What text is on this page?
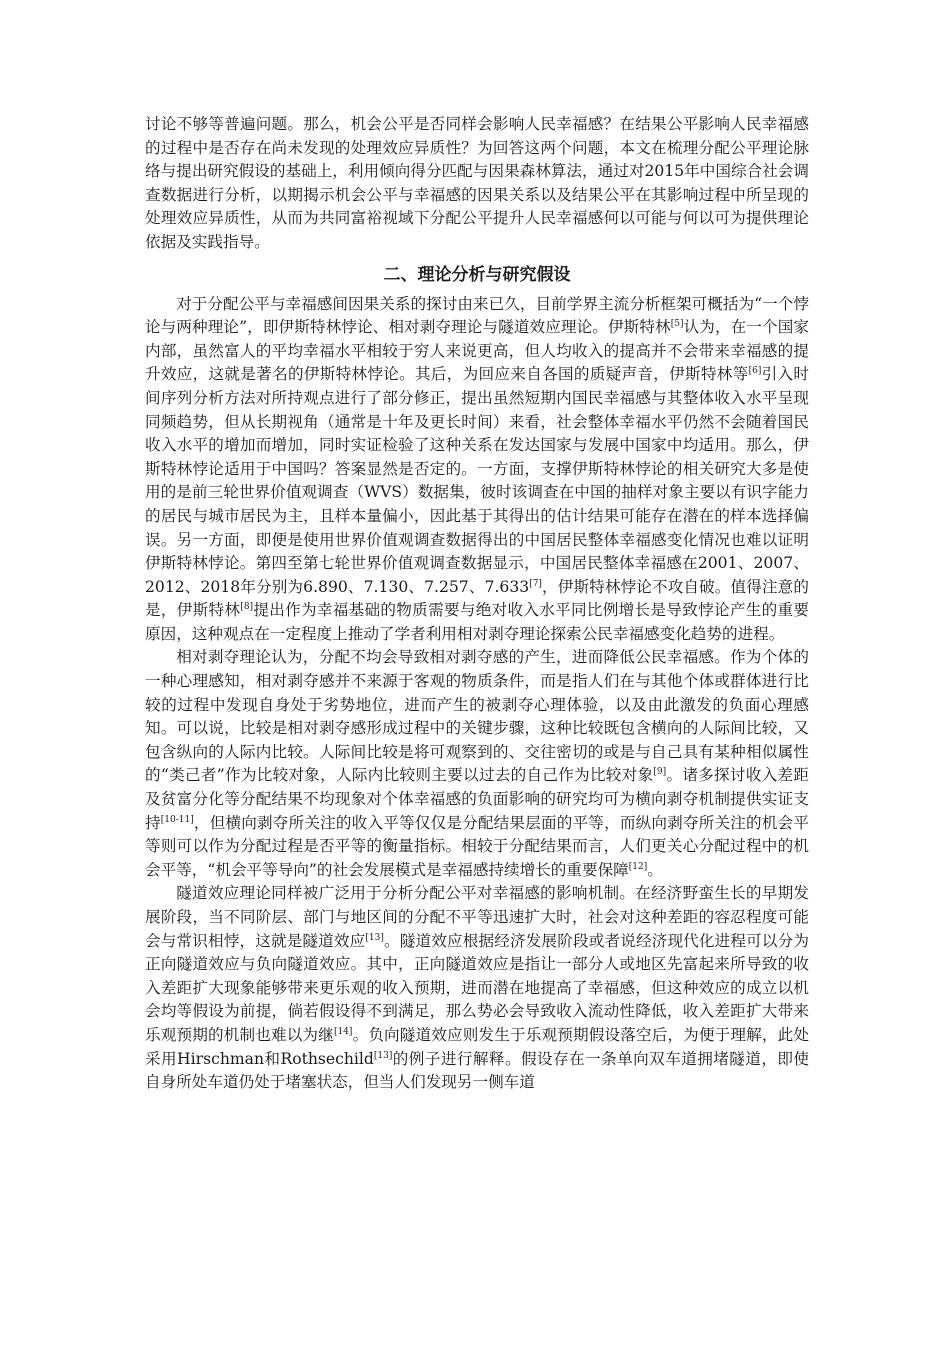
讨论不够等普遍问题。那么，机会公平是否同样会影响人民幸福感？在结果公平影响人民幸福感的过程中是否存在尚未发现的处理效应异质性？为回答这两个问题，本文在梳理分配公平理论脉络与提出研究假设的基础上，利用倾向得分匹配与因果森林算法，通过对2015年中国综合社会调查数据进行分析，以期揭示机会公平与幸福感的因果关系以及结果公平在其影响过程中所呈现的处理效应异质性，从而为共同富裕视域下分配公平提升人民幸福感何以可能与何以可为提供理论依据及实践指导。

二、理论分析与研究假设

对于分配公平与幸福感间因果关系的探讨由来已久，目前学界主流分析框架可概括为“一个悖论与两种理论”，即伊斯特林悖论、相对剥夺理论与隧道效应理论。伊斯特林[5]认为，在一个国家内部，虽然富人的平均幸福水平相较于穷人来说更高，但人均收入的提高并不会带来幸福感的提升效应，这就是著名的伊斯特林悖论。其后，为回应来自各国的质疑声音，伊斯特林等[6]引入时间序列分析方法对所持观点进行了部分修正，提出虽然短期内国民幸福感与其整体收入水平呈现同频趋势，但从长期视角（通常是十年及更长时间）来看，社会整体幸福水平仍然不会随着国民收入水平的增加而增加，同时实证检验了这种关系在发达国家与发展中国家中均适用。那么，伊斯特林悖论适用于中国吗？答案显然是否定的。一方面，支撑伊斯特林悖论的相关研究大多是使用的是前三轮世界价值观调查（WVS）数据集，彼时该调查在中国的抽样对象主要以有识字能力的居民与城市居民为主，且样本量偏小，因此基于其得出的估计结果可能存在潜在的样本选择偏误。另一方面，即便是使用世界价值观调查数据得出的中国居民整体幸福感变化情况也难以证明伊斯特林悖论。第四至第七轮世界价值观调查数据显示，中国居民整体幸福感在2001、2007、2012、2018年分别为6.890、7.130、7.257、7.633[7]，伊斯特林悖论不攻自破。值得注意的是，伊斯特林[8]提出作为幸福基础的物质需要与绝对收入水平同比例增长是导致悖论产生的重要原因，这种观点在一定程度上推动了学者利用相对剥夺理论探索公民幸福感变化趋势的进程。

相对剥夺理论认为，分配不均会导致相对剥夺感的产生，进而降低公民幸福感。作为个体的一种心理感知，相对剥夺感并不来源于客观的物质条件，而是指人们在与其他个体或群体进行比较的过程中发现自身处于劣势地位，进而产生的被剥夺心理体验，以及由此激发的负面心理感知。可以说，比较是相对剥夺感形成过程中的关键步骤，这种比较既包含横向的人际间比较，又包含纵向的人际内比较。人际间比较是将可观察到的、交往密切的或是与自己具有某种相似属性的“类己者”作为比较对象，人际内比较则主要以过去的自己作为比较对象[9]。诸多探讨收入差距及贫富分化等分配结果不均现象对个体幸福感的负面影响的研究均可为横向剥夺机制提供实证支持[10-11]，但横向剥夺所关注的收入平等仅仅是分配结果层面的平等，而纵向剥夺所关注的机会平等则可以作为分配过程是否平等的衡量指标。相较于分配结果而言，人们更关心分配过程中的机会平等，“机会平等导向”的社会发展模式是幸福感持续增长的重要保障[12]。

隧道效应理论同样被广泛用于分析分配公平对幸福感的影响机制。在经济野蛮生长的早期发展阶段，当不同阶层、部门与地区间的分配不平等迅速扩大时，社会对这种差距的容忍程度可能会与常识相悖，这就是隧道效应[13]。隧道效应根据经济发展阶段或者说经济现代化进程可以分为正向隧道效应与负向隧道效应。其中，正向隧道效应是指让一部分人或地区先富起来所导致的收入差距扩大现象能够带来更乐观的收入预期，进而潜在地提高了幸福感，但这种效应的成立以机会均等假设为前提，倘若假设得不到满足，那么势必会导致收入流动性降低，收入差距扩大带来乐观预期的机制也难以为继[14]。负向隧道效应则发生于乐观预期假设落空后，为便于理解，此处采用Hirschman和Rothsechild[13]的例子进行解释。假设存在一条单向双车道拥堵隧道，即使自身所处车道仍处于堵塞状态，但当人们发现另一侧车道
